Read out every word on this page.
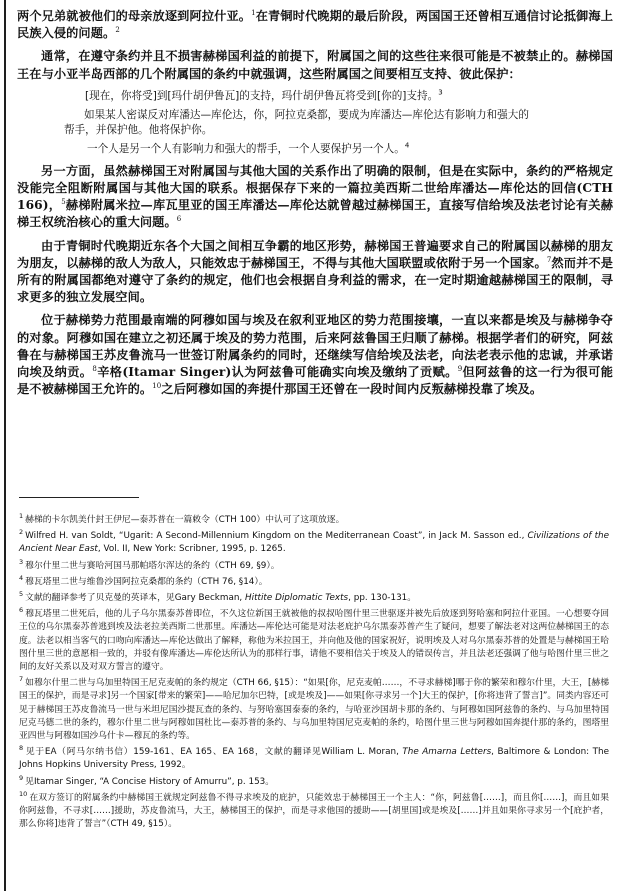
两个兄弟就被他们的母亲放逐到阿拉什亚。$^1$在青铜时代晚期的最后阶段，两国国王还曾相互通信讨论抵御海上民族入侵的问题。$^2$

通常，在遵守条约并且不损害赫梯国利益的前提下，附属国之间的这些往来很可能是不被禁止的。赫梯国王在与小亚半岛西部的几个附属国的条约中就强调，这些附属国之间要相互支持、彼此保护：

[现在，你将受]到[玛什胡伊鲁瓦]的支持，玛什胡伊鲁瓦将受到[你的]支持。$^3$

如果某人密谋反对库潘达—库伦达，你，阿拉克桑都，要成为库潘达—库伦达有影响力和强大的

帮手，并保护他。他将保护你。

一个人是另一个人有影响力和强大的帮手，一个人要保护另一个人。$^4$

另一方面，虽然赫梯国王对附属国与其他大国的关系作出了明确的限制，但是在实际中，条约的严格规定没能完全阻断附属国与其他大国的联系。根据保存下来的一篇拉美西斯二世给库潘达—库伦达的回信(CTH 166)，$^5$赫梯附属米拉—库瓦里亚的国王库潘达—库伦达就曾越过赫梯国王，直接写信给埃及法老讨论有关赫梯王权统治核心的重大问题。$^6$

由于青铜时代晚期近东各个大国之间相互争霸的地区形势，赫梯国王普遍要求自己的附属国以赫梯的朋友为朋友，以赫梯的敌人为敌人，只能效忠于赫梯国王，不得与其他大国联盟或依附于另一个国家。$^7$然而并不是所有的附属国都绝对遵守了条约的规定，他们也会根据自身利益的需求，在一定时期逾越赫梯国王的限制，寻求更多的独立发展空间。

位于赫梯势力范围最南端的阿穆如国与埃及在叙利亚地区的势力范围接壤，一直以来都是埃及与赫梯争夺的对象。阿穆如国在建立之初还属于埃及的势力范围，后来阿兹鲁国王归顺了赫梯。根据学者们的研究，阿兹鲁在与赫梯国王苏皮鲁流马一世签订附属条约的同时，还继续写信给埃及法老，向法老表示他的忠诚，并承诺向埃及纳贡。$^8$辛格(Itamar Singer)认为阿兹鲁可能确实向埃及缴纳了贡赋。$^9$但阿兹鲁的这一行为很可能是不被赫梯国王允许的。$^{10}$之后阿穆如国的奔提什那国王还曾在一段时间内反叛赫梯投靠了埃及。

$^1$ 赫梯的卡尔凯美什封王伊尼—泰苏普在一篇敕令（CTH 100）中认可了这项放逐。

$^2$ Wilfred H. van Soldt, “Ugarit: A Second-Millennium Kingdom on the Mediterranean Coast”, in Jack M. Sasson ed., Civilizations of the Ancient Near East, Vol. II, New York: Scribner, 1995, p. 1265.

$^3$ 穆尔什里二世与赛哈河国马那帕塔尔浑达的条约（CTH 69, §9）。

$^4$ 穆瓦塔里二世与维鲁沙国阿拉克桑都的条约（CTH 76, §14）。

$^5$ 文献的翻译参考了贝克曼的英译本，见Gary Beckman, Hittite Diplomatic Texts, pp. 130-131。

$^6$ 穆瓦塔里二世死后，他的儿子乌尔黑泰苏普即位，不久这位新国王就被他的叔叔哈图什里三世驱逐并被先后放逐到努哈塞和阿拉什亚国。一心想要夺回王位的乌尔黑泰苏普逃到埃及法老拉美西斯二世那里。库潘达—库伦达可能是对法老庇护乌尔黑泰苏普产生了疑问，想要了解法老对这两位赫梯国王的态度。法老以相当客气的口吻向库潘达—库伦达做出了解释，称他为米拉国王，并向他及他的国家祝好，说明埃及人对乌尔黑泰苏普的处置是与赫梯国王哈图什里三世的意愿相一致的，并驳有像库潘达—库伦达所认为的那样行事，请他不要相信关于埃及人的错误传言，并且法老还强调了他与哈图什里三世之间的友好关系以及对双方誓言的遵守。

$^7$ 如穆尔什里二世与乌加里特国王尼克麦帕的条约规定（CTH 66, §15）：“如果[你，尼克麦帕……，不寻求赫梯]哪于你的繁荣和穆尔什里，大王，[赫梯国王的保护，而是寻求]另一个国家[带来的繁荣]——哈尼加尔巴特，[或是埃及]——如果[你寻求另一个]大王的保护，[你将违背了誓言]”。同类内容还可见于赫梯国王苏皮鲁流马一世与米坦尼国沙提瓦查的条约、与努哈塞国泰泰的条约，与哈亚沙国胡卡那的条约、与阿穆如国阿兹鲁的条约、与乌加里特国尼克马德二世的条约，穆尔什里二世与阿穆如国杜比—泰苏普的条约、与乌加里特国尼克麦帕的条约，哈图什里三世与阿穆如国奔提什那的条约，图塔里亚四世与阿穆如国沙乌什卡—穆瓦的条约等。

$^8$ 见于EA（阿马尔纳书信）159-161、EA 165、EA 168，文献的翻译见William L. Moran, The Amarna Letters, Baltimore & London: The Johns Hopkins University Press, 1992。

$^9$ 见Itamar Singer, “A Concise History of Amurru”, p. 153。

$^{10}$ 在双方签订的附属条约中赫梯国王就规定阿兹鲁不得寻求埃及的庇护，只能效忠于赫梯国王一个主人：“你，阿兹鲁[……]，而且你[……]，而且如果你阿兹鲁，不寻求[……]援助，苏皮鲁流马，大王，赫梯国王的保护，而是寻求他国的援助——[胡里国]或是埃及[……]并且如果你寻求另一个[庇护者，那么你将]违背了誓言”（CTH 49, §15）。
